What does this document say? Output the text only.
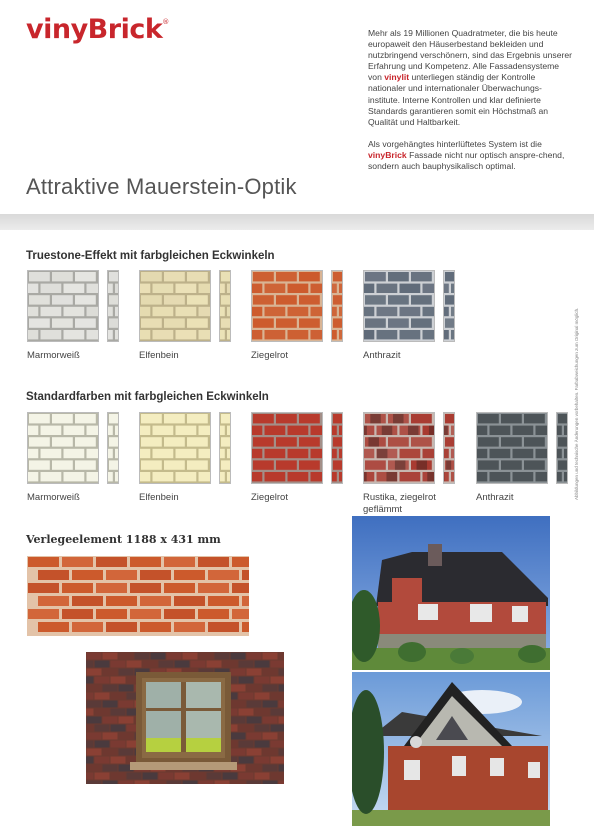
vinyBrick®
Attraktive Mauerstein-Optik

Mehr als 19 Millionen Quadratmeter, die bis heute europaweit den Häuserbestand bekleiden und nutzbringend verschönern, sind das Ergebnis unserer Erfahrung und Kompetenz. Alle Fassadensysteme von vinylit unterliegen ständig der Kontrolle nationaler und internationaler Überwachungs-institute. Interne Kontrollen und klar definierte Standards garantieren somit ein Höchstmaß an Qualität und Haltbarkeit.

Als vorgehängtes hinterlüftetes System ist die vinyBrick Fassade nicht nur optisch anspre-chend, sondern auch bauphysikalisch optimal.

Truestone-Effekt mit farbgleichen Eckwinkeln
Marmorweiß	Elfenbein	Ziegelrot	Anthrazit
Standardfarben mit farbgleichen Eckwinkeln
Marmorweiß	Elfenbein	Ziegelrot	Rustika, ziegelrot geflämmt
Anthrazit
Verlegeelement 1188 x 431 mm
Abbildungen und technische Änderungen vorbehalten. Farbabweichungen zum Original möglich.
